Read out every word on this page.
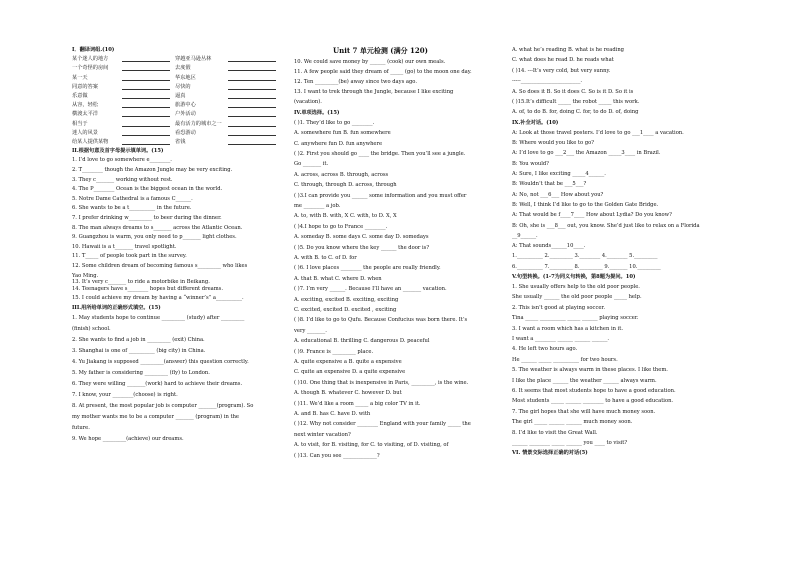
I．翻译词组.(10)
某个迷人的地方	穿越亚马逊丛林
一个奇怪的房间	去度假
某一天	华东地区
同意的答案	尽快的
乐意做	逼真
从容，轻松	旅游中心
横渡太平洋	户外活动
相当于	最有活力的城市之一
迷人的风景	看恐游动
给某人提供某物	省钱
II.根据句意及首字母提示填单词。(15)
1. I’d love to go somewhere e________.
2. T________ though the Amazon Jungle may be very exciting.
3. They c_______ working without rest.
4. The P________ Ocean is the biggest ocean in the world.
5. Notre Dame Cathedral is a famous C______.
6. She wants to be a t__________ in the future.
7. I prefer drinking w_________ to beer during the dinner.
8. The man always dreams to s_______ across the Atlantic Ocean.
9. Guangzhou is warm, you only need to p_______ light clothes.
10. Hawaii is a t_______ travel spotlight.
11. T_____ of people took part in the survey.
12. Some children dream of becoming famous s_________ who likes
Yao Ming.
13. It’s very c_______ to ride a motorbike in Beikang.
14. Teenagers have s________ hopes but different dreams.
15. I could achieve my dream by having a “winner’s” a__________.
III.用所给单词的正确形式填空。(15)
1. May students hope to continue _________ (study) after _________
(finish) school.
2. She wants to find a job in _________ (exit) China.
3. Shanghai is one of __________ (big city) in China.
4. Yu Jiakang is supposed _________(answer) this question correctly.
5. My father is considering _________ (fly) to London.
6. They were willing _______(work) hard to achieve their dreams.
7. I know, your ________(choose) is right.
8. At present, the most popular job is computer _______(program). So
my mother wants me to be a computer _______ (program) in the
future.
9. We hope _________(achieve) our dreams.
Unit 7 单元检测 (满分 120)
10. We could save money by ______ (cook) our own meals.
11. A few people said they dream of _____ (go) to the moon one day.
12. Ten _________(be) away since two days ago.
13. I want to trek through the Jungle, because I like exciting
(vacation).
IV.单项选择。(15)
( )1. They’d like to go ________.
A. somewhere fun B. fun somewhere
C. anywhere fun D. fun anywhere
( )2. First you should go ____ the bridge. Then you’ll see a jungle.
Go _______ it.
A. across, across B. through, across
C. through, through D. across, through
( )3.I can provide you ______ some information and you must offer
me ________ a job.
A. to, with B. with, X C. with, to D. X, X
( )4.I hope to go to France ________.
A. someday B. some days C. some day D. somedays
( )5. Do you know where the key ______ the door is?
A. with B. to C. of D. for
( )6. I love places ________ the people are really friendly.
A. that B. what C. where D. when
( )7. I’m very ______. Because I’ll have an _______ vacation.
A. exciting, excited B. exciting, exciting
C. excited, excited D. excited , exciting
( )8. I’d like to go to Qufu. Because Confucius was born there. It’s
very _______.
A. educational B. thrilling C. dangerous D. peaceful
( )9. France is _________ place.
A. quite expensive a B. quite a expensive
C. quite an expensive D. a quite expensive
( )10. One thing that is inexpensive in Paris, _________, is the wine.
A. though B. whatever C. however D. but
( )11. We’d like a room _____ a big color TV in it.
A. and B. has C. have D. with
( )12. Why not consider ________ England with your family _____ the
next winter vacation?
A. to visit, for B. visiting, for C. to visiting, of D. visiting, of
( )13. Can you see _____________?
A. what he’s reading B. what is he reading
C. what does he read D. he reads what
( )14. ---It’s very cold, but very sunny.
-----_______________________.
A. So does it B. So it does C. So is it D. So it is
( )15.It’s difficult _____ the robot _____ this work.
A. of, to do B. for, doing C. for, to do D. of, doing
IX.补全对话。(10)
A: Look at those travel posters. I’d love to go ___1____ a vacation.
B: Where would you like to go?
A: I’d love to go ___2___ the Amazon _____3____ in Brazil.
B: You would?
A: Sure, I like exciting _____4______.
B: Wouldn’t that be ___5___?
A: No, not ___6___ How about you?
B: Well, I think I’d like to go to the Golden Gate Bridge.
A: That would be f____7____ How about Lydia? Do you know?
B: Oh, she is ___8___ out, you know. She’d just like to relax on a Florida
__9______.
A: That sounds______10____.
1.__________ 2._________ 3.________ 4.________ 5._________
6.__________ 7._________ 8._________ 9._______ 10._________
V.句型转换。(1-7为同义句转换，第8题为提问。10)
1. She usually offers help to the old poor people.
She usually ______ the old poor people _____ help.
2. This isn’t good at playing soccer.
Tina _____ __________ _____ ______ playing soccer.
3. I want a room which has a kitchen in it.
I want a ________ ______ ______ ______.
4. He left two hours ago.
He ______ _____ __________ for two hours.
5. The weather is always warm in these places. I like them.
I like the place ______ the weather ______ always warm.
6. It seems that most students hope to have a good education.
Most students _____ ______ ________ to have a good education.
7. The girl hopes that she will have much money soon.
The girl _____ ______ ______ much money soon.
8. I’d like to visit the Great Wall.
______ ________ _____ ______ you ____ to visit?
VI. 情景交际选择正确的对话(5)
